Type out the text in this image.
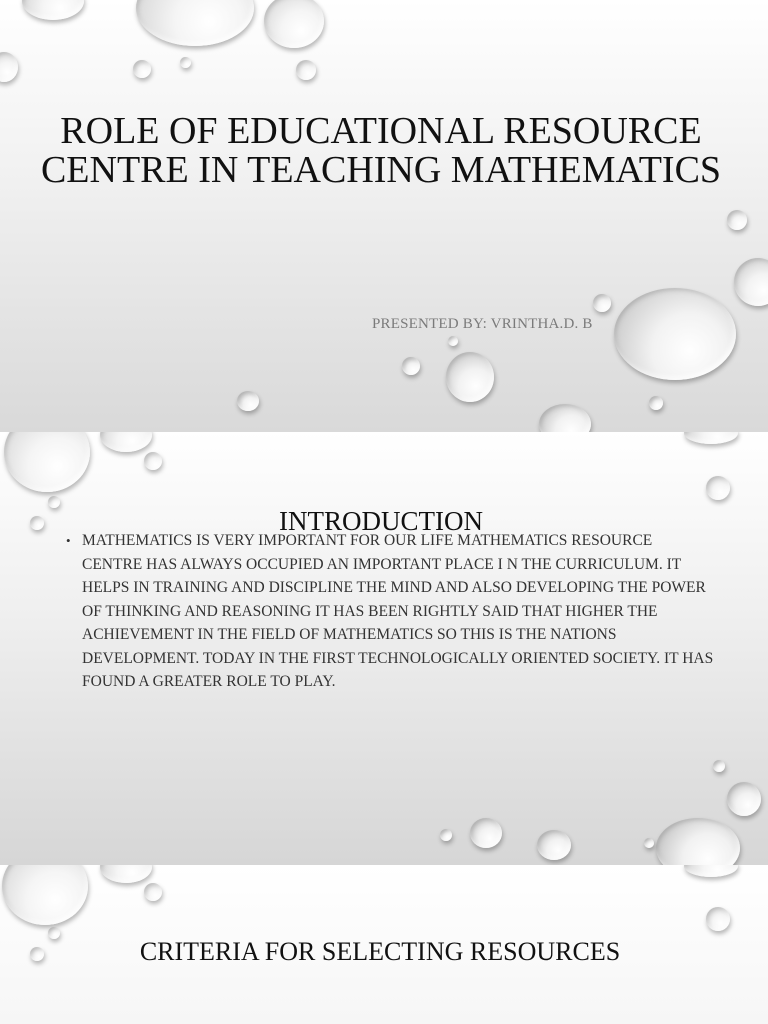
ROLE OF EDUCATIONAL RESOURCE CENTRE IN TEACHING MATHEMATICS

PRESENTED BY: VRINTHA.D. B

INTRODUCTION
• MATHEMATICS IS VERY IMPORTANT FOR OUR LIFE MATHEMATICS RESOURCE CENTRE HAS ALWAYS OCCUPIED AN IMPORTANT PLACE I N THE CURRICULUM. IT HELPS IN TRAINING AND DISCIPLINE THE MIND AND ALSO DEVELOPING THE POWER OF THINKING AND REASONING IT HAS BEEN RIGHTLY SAID THAT HIGHER THE ACHIEVEMENT IN THE FIELD OF MATHEMATICS SO THIS IS THE NATIONS DEVELOPMENT. TODAY IN THE FIRST TECHNOLOGICALLY ORIENTED SOCIETY. IT HAS FOUND A GREATER ROLE TO PLAY.
CRITERIA FOR SELECTING RESOURCES
